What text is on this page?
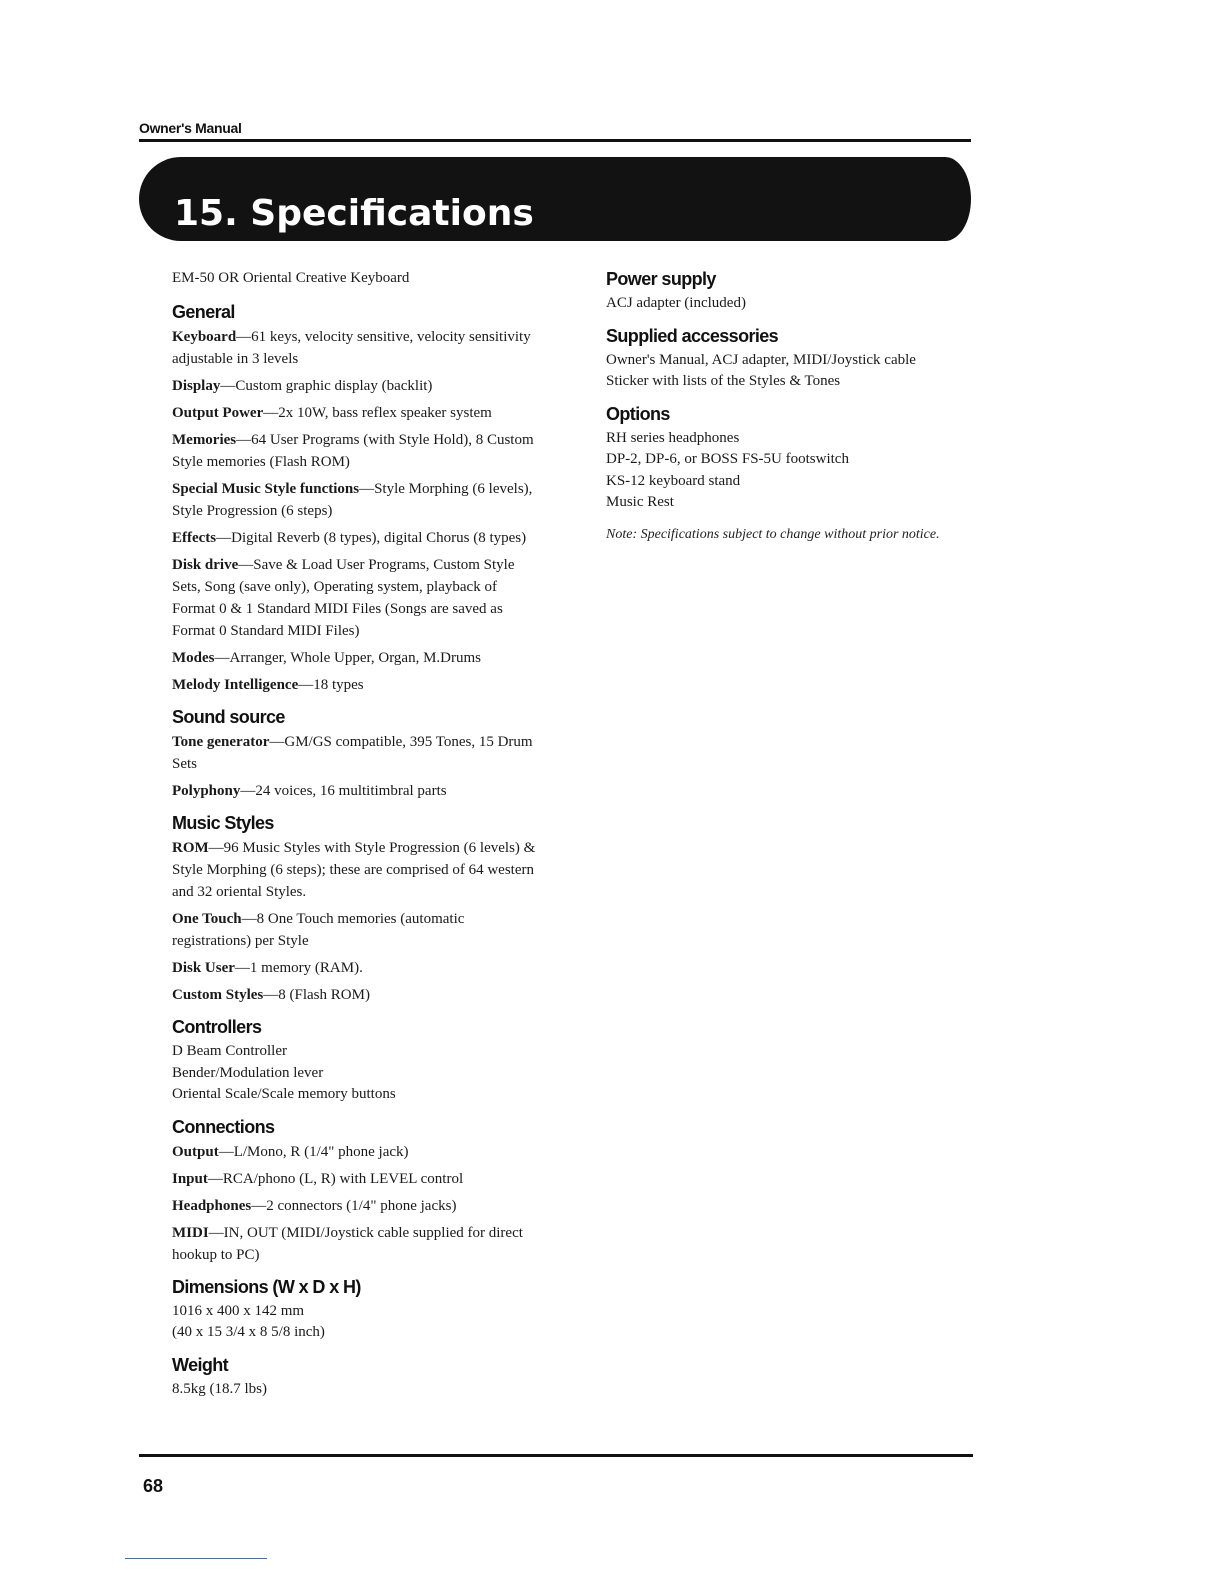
Owner's Manual
15. Specifications

EM-50 OR Oriental Creative Keyboard

General

Keyboard—61 keys, velocity sensitive, velocity sensitivity adjustable in 3 levels

Display—Custom graphic display (backlit)

Output Power—2x 10W, bass reflex speaker system

Memories—64 User Programs (with Style Hold), 8 Custom Style memories (Flash ROM)

Special Music Style functions—Style Morphing (6 levels), Style Progression (6 steps)

Effects—Digital Reverb (8 types), digital Chorus (8 types)

Disk drive—Save & Load User Programs, Custom Style Sets, Song (save only), Operating system, playback of Format 0 & 1 Standard MIDI Files (Songs are saved as Format 0 Standard MIDI Files)

Modes—Arranger, Whole Upper, Organ, M.Drums

Melody Intelligence—18 types

Sound source

Tone generator—GM/GS compatible, 395 Tones, 15 Drum Sets

Polyphony—24 voices, 16 multitimbral parts

Music Styles

ROM—96 Music Styles with Style Progression (6 levels) & Style Morphing (6 steps); these are comprised of 64 western and 32 oriental Styles.

One Touch—8 One Touch memories (automatic registrations) per Style

Disk User—1 memory (RAM).

Custom Styles—8 (Flash ROM)

Controllers

D Beam Controller

Bender/Modulation lever

Oriental Scale/Scale memory buttons

Connections

Output—L/Mono, R (1/4" phone jack)

Input—RCA/phono (L, R) with LEVEL control

Headphones—2 connectors (1/4" phone jacks)

MIDI—IN, OUT (MIDI/Joystick cable supplied for direct hookup to PC)

Dimensions (W x D x H)

1016 x 400 x 142 mm

(40 x 15 3/4 x 8 5/8 inch)

Weight

8.5kg (18.7 lbs)

Power supply

ACJ adapter (included)

Supplied accessories

Owner's Manual, ACJ adapter, MIDI/Joystick cable

Sticker with lists of the Styles & Tones

Options

RH series headphones

DP-2, DP-6, or BOSS FS-5U footswitch

KS-12 keyboard stand

Music Rest

Note: Specifications subject to change without prior notice.

68
